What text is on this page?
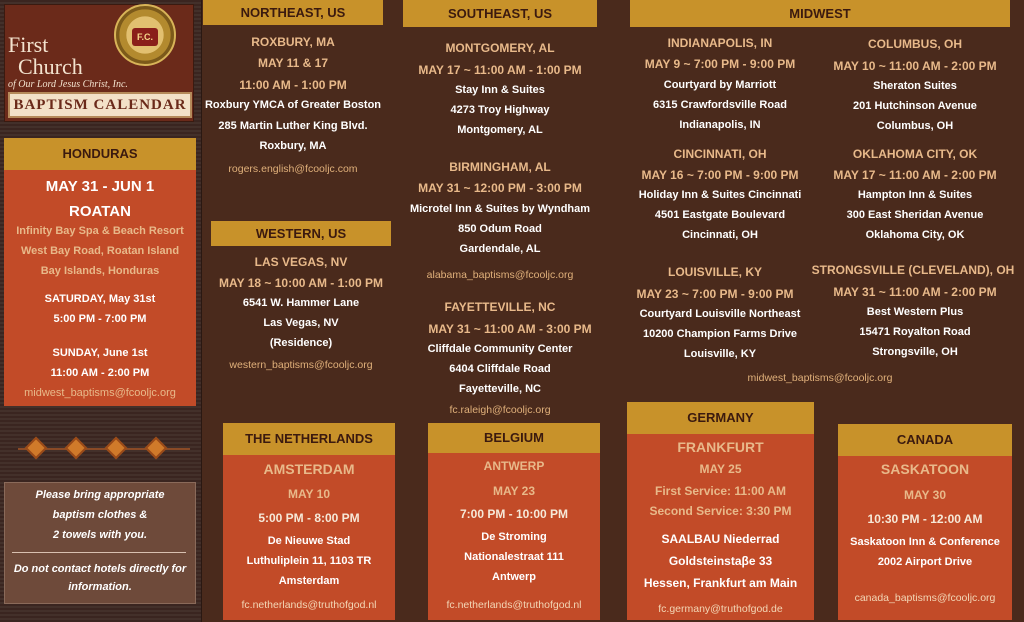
F.C.
First
Church
of Our Lord Jesus Christ, Inc.
BAPTISM CALENDAR
HONDURAS
MAY 31 - JUN 1
ROATAN
Infinity Bay Spa & Beach Resort
West Bay Road, Roatan Island
Bay Islands, Honduras
SATURDAY, May 31st
5:00 PM - 7:00 PM
SUNDAY, June 1st
11:00 AM - 2:00 PM
midwest_baptisms@fcooljc.org
Please bring appropriate
baptism clothes &
2 towels with you.
Do not contact hotels directly for
information.
NORTHEAST, US
ROXBURY, MA
MAY 11 & 17
11:00 AM - 1:00 PM
Roxbury YMCA of Greater Boston
285 Martin Luther King Blvd.
Roxbury, MA
rogers.english@fcooljc.com
WESTERN, US
LAS VEGAS, NV
MAY 18 ~ 10:00 AM - 1:00 PM
6541 W. Hammer Lane
Las Vegas, NV
(Residence)
western_baptisms@fcooljc.org
SOUTHEAST, US
MONTGOMERY, AL
MAY 17 ~ 11:00 AM - 1:00 PM
Stay Inn & Suites
4273 Troy Highway
Montgomery, AL
BIRMINGHAM, AL
MAY 31 ~ 12:00 PM - 3:00 PM
Microtel Inn & Suites by Wyndham
850 Odum Road
Gardendale, AL
alabama_baptisms@fcooljc.org
FAYETTEVILLE, NC
MAY 31 ~ 11:00 AM - 3:00 PM
Cliffdale Community Center
6404 Cliffdale Road
Fayetteville, NC
fc.raleigh@fcooljc.org
MIDWEST
INDIANAPOLIS, IN
MAY 9 ~ 7:00 PM - 9:00 PM
Courtyard by Marriott
6315 Crawfordsville Road
Indianapolis, IN
COLUMBUS, OH
MAY 10 ~ 11:00 AM - 2:00 PM
Sheraton Suites
201 Hutchinson Avenue
Columbus, OH
CINCINNATI, OH
MAY 16 ~ 7:00 PM - 9:00 PM
Holiday Inn & Suites Cincinnati
4501 Eastgate Boulevard
Cincinnati, OH
OKLAHOMA CITY, OK
MAY 17 ~ 11:00 AM - 2:00 PM
Hampton Inn & Suites
300 East Sheridan Avenue
Oklahoma City, OK
LOUISVILLE, KY
MAY 23 ~ 7:00 PM - 9:00 PM
Courtyard Louisville Northeast
10200 Champion Farms Drive
Louisville, KY
STRONGSVILLE (CLEVELAND), OH
MAY 31 ~ 11:00 AM - 2:00 PM
Best Western Plus
15471 Royalton Road
Strongsville, OH
midwest_baptisms@fcooljc.org
THE NETHERLANDS
AMSTERDAM
MAY 10
5:00 PM - 8:00 PM
De Nieuwe Stad
Luthuliplein 11, 1103 TR
Amsterdam
fc.netherlands@truthofgod.nl
BELGIUM
ANTWERP
MAY 23
7:00 PM - 10:00 PM
De Stroming
Nationalestraat 111
Antwerp
fc.netherlands@truthofgod.nl
GERMANY
FRANKFURT
MAY 25
First Service: 11:00 AM
Second Service: 3:30 PM
SAALBAU Niederrad
Goldsteinstaβe 33
Hessen, Frankfurt am Main
fc.germany@truthofgod.de
CANADA
SASKATOON
MAY 30
10:30 PM - 12:00 AM
Saskatoon Inn & Conference
2002 Airport Drive
canada_baptisms@fcooljc.org
